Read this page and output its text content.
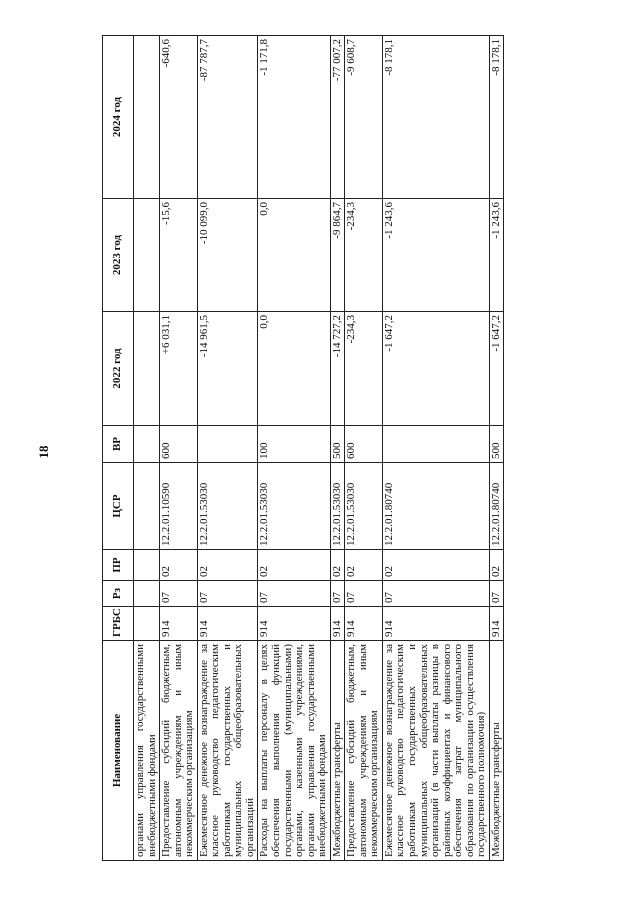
18
Наименование	ГРБС	Рз	ПР	ЦСР	ВР	2022 год	2023 год	2024 год
органами управления государственными внебюджетными фондами								
Предоставление субсидий бюджетным, автономным учреждениям и иным некоммерческим организациям	914	07	02	12.2.01.10590	600	+6 031,1	-15,6	-640,6
Ежемесячное денежное вознаграждение за классное руководство педагогическим работникам государственных и муниципальных общеобразовательных организаций	914	07	02	12.2.01.53030		-14 961,5	-10 099,0	-87 787,7
Расходы на выплаты персоналу в целях обеспечения выполнения функций государственными (муниципальными) органами, казенными учреждениями, органами управления государственными внебюджетными фондами	914	07	02	12.2.01.53030	100	0,0	0,0	-1 171,8
Межбюджетные трансферты	914	07	02	12.2.01.53030	500	-14 727,2	-9 864,7	-77 007,2
Предоставление субсидий бюджетным, автономным учреждениям и иным некоммерческим организациям	914	07	02	12.2.01.53030	600	-234,3	-234,3	-9 608,7
Ежемесячное денежное вознаграждение за классное руководство педагогическим работникам государственных и муниципальных общеобразовательных организаций (в части выплаты разницы в районных коэффициентах и финансового обеспечения затрат муниципального образования по организации осуществления государственного полномочия)	914	07	02	12.2.01.80740		-1 647,2	-1 243,6	-8 178,1
Межбюджетные трансферты	914	07	02	12.2.01.80740	500	-1 647,2	-1 243,6	-8 178,1
